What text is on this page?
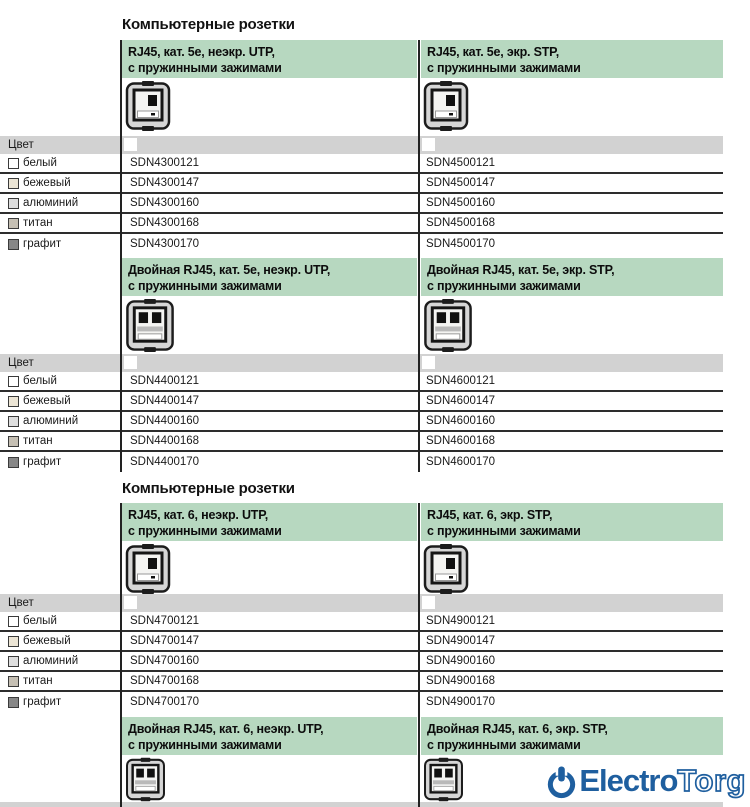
Компьютерные розетки
RJ45, кат. 5e, неэкр. UTP,
с пружинными зажимами
RJ45, кат. 5e, экр. STP,
с пружинными зажимами
Цвет
белый	SDN4300121	SDN4500121
бежевый	SDN4300147	SDN4500147
алюминий	SDN4300160	SDN4500160
титан	SDN4300168	SDN4500168
графит	SDN4300170	SDN4500170
Двойная RJ45, кат. 5e, неэкр. UTP,
с пружинными зажимами
Двойная RJ45, кат. 5e, экр. STP,
с пружинными зажимами
Цвет
белый	SDN4400121	SDN4600121
бежевый	SDN4400147	SDN4600147
алюминий	SDN4400160	SDN4600160
титан	SDN4400168	SDN4600168
графит	SDN4400170	SDN4600170
Компьютерные розетки
RJ45, кат. 6, неэкр. UTP,
с пружинными зажимами
RJ45, кат. 6, экр. STP,
с пружинными зажимами
Цвет
белый	SDN4700121	SDN4900121
бежевый	SDN4700147	SDN4900147
алюминий	SDN4700160	SDN4900160
титан	SDN4700168	SDN4900168
графит	SDN4700170	SDN4900170
Двойная RJ45, кат. 6, неэкр. UTP,
с пружинными зажимами
Двойная RJ45, кат. 6, экр. STP,
с пружинными зажимами
Electro Torg
